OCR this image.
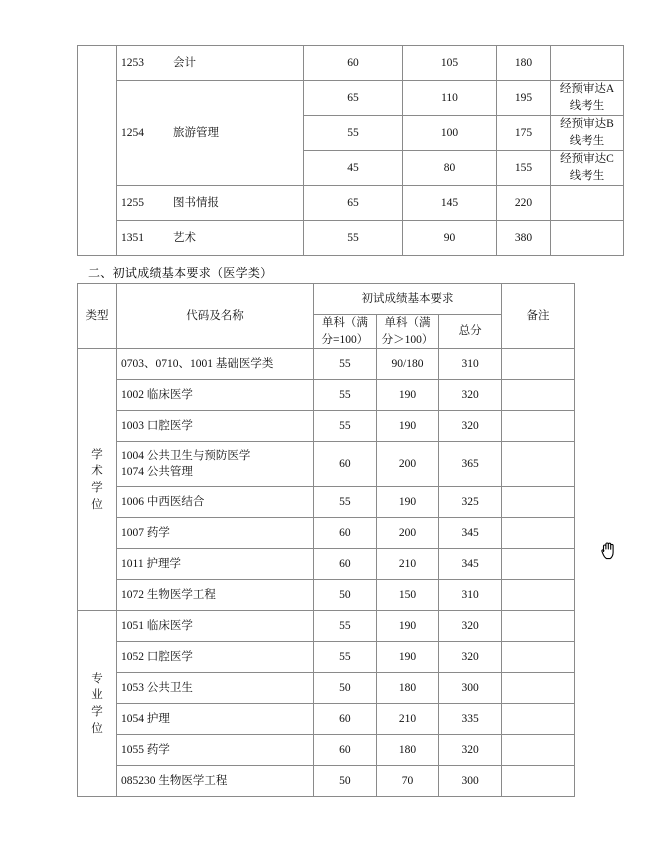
	1253 会计	60	105	180	
	1254 旅游管理	65	110	195	经预审达A 线考生
		55	100	175	经预审达B 线考生
		45	80	155	经预审达C 线考生
	1255 图书情报	65	145	220	
	1351 艺术	55	90	380	
二、初试成绩基本要求（医学类）
类型	代码及名称	初试成绩基本要求			备注
		单科（满分=100）	单科（满分＞100）	总分	

学
术
学
位	0703、0710、1001 基础医学类	55	90/180	310	
	1002 临床医学	55	190	320	
	1003 口腔医学	55	190	320	

	1004 公共卫生与预防医学
1074 公共管理	60	200	365	
	1006 中西医结合	55	190	325	
	1007 药学	60	200	345	
	1011 护理学	60	210	345	
	1072 生物医学工程	50	150	310	

专
业
学
位	1051 临床医学	55	190	320	
	1052 口腔医学	55	190	320	
	1053 公共卫生	50	180	300	
	1054 护理	60	210	335	
	1055 药学	60	180	320	
	085230 生物医学工程	50	70	300	
